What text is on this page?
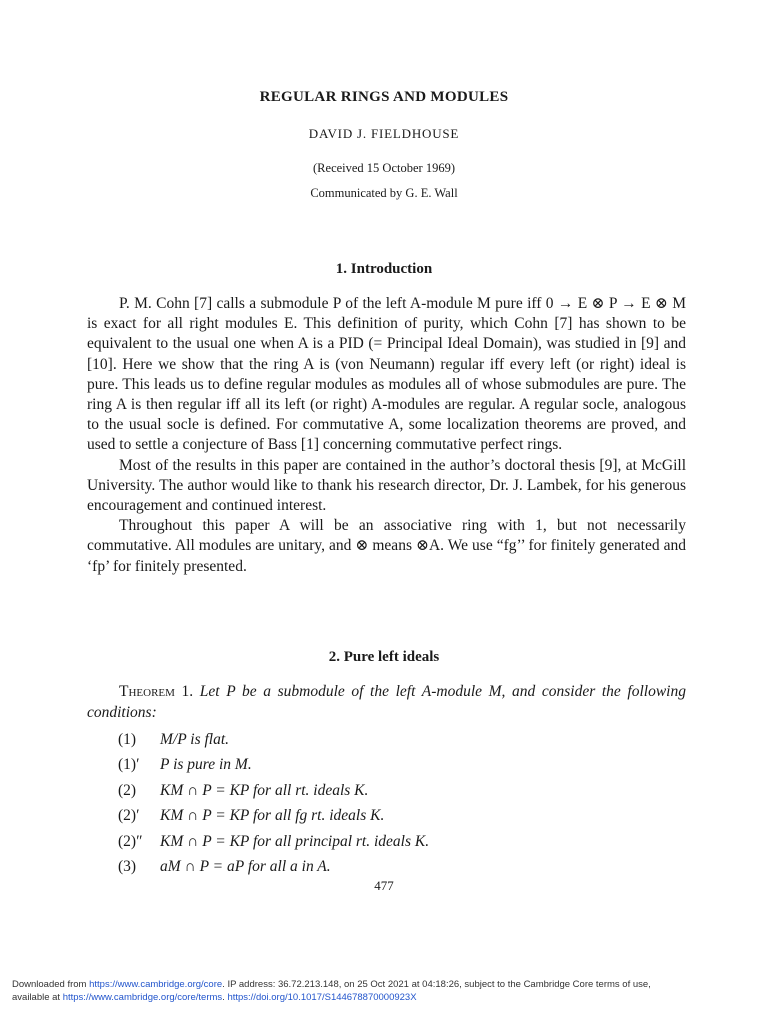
REGULAR RINGS AND MODULES
DAVID J. FIELDHOUSE
(Received 15 October 1969)
Communicated by G. E. Wall
1. Introduction

P. M. Cohn [7] calls a submodule P of the left A-module M pure iff 0 → E ⊗ P → E ⊗ M is exact for all right modules E. This definition of purity, which Cohn [7] has shown to be equivalent to the usual one when A is a PID (= Principal Ideal Domain), was studied in [9] and [10]. Here we show that the ring A is (von Neumann) regular iff every left (or right) ideal is pure. This leads us to define regular modules as modules all of whose submodules are pure. The ring A is then regular iff all its left (or right) A-modules are regular. A regular socle, analogous to the usual socle is defined. For commutative A, some localization theorems are proved, and used to settle a conjecture of Bass [1] concerning commutative perfect rings.

Most of the results in this paper are contained in the author’s doctoral thesis [9], at McGill University. The author would like to thank his research director, Dr. J. Lambek, for his generous encouragement and continued interest.

Throughout this paper A will be an associative ring with 1, but not necessarily commutative. All modules are unitary, and ⊗ means ⊗A. We use “fg’’ for finitely generated and ‘fp’ for finitely presented.

2. Pure left ideals
Theorem 1. Let P be a submodule of the left A-module M, and consider the following conditions:
(1) M/P is flat.
(1)′ P is pure in M.
(2) KM ∩ P = KP for all rt. ideals K.
(2)′ KM ∩ P = KP for all fg rt. ideals K.
(2)″ KM ∩ P = KP for all principal rt. ideals K.
(3) aM ∩ P = aP for all a in A.
477
Downloaded from https://www.cambridge.org/core. IP address: 36.72.213.148, on 25 Oct 2021 at 04:18:26, subject to the Cambridge Core terms of use,
available at https://www.cambridge.org/core/terms. https://doi.org/10.1017/S144678870000923X
